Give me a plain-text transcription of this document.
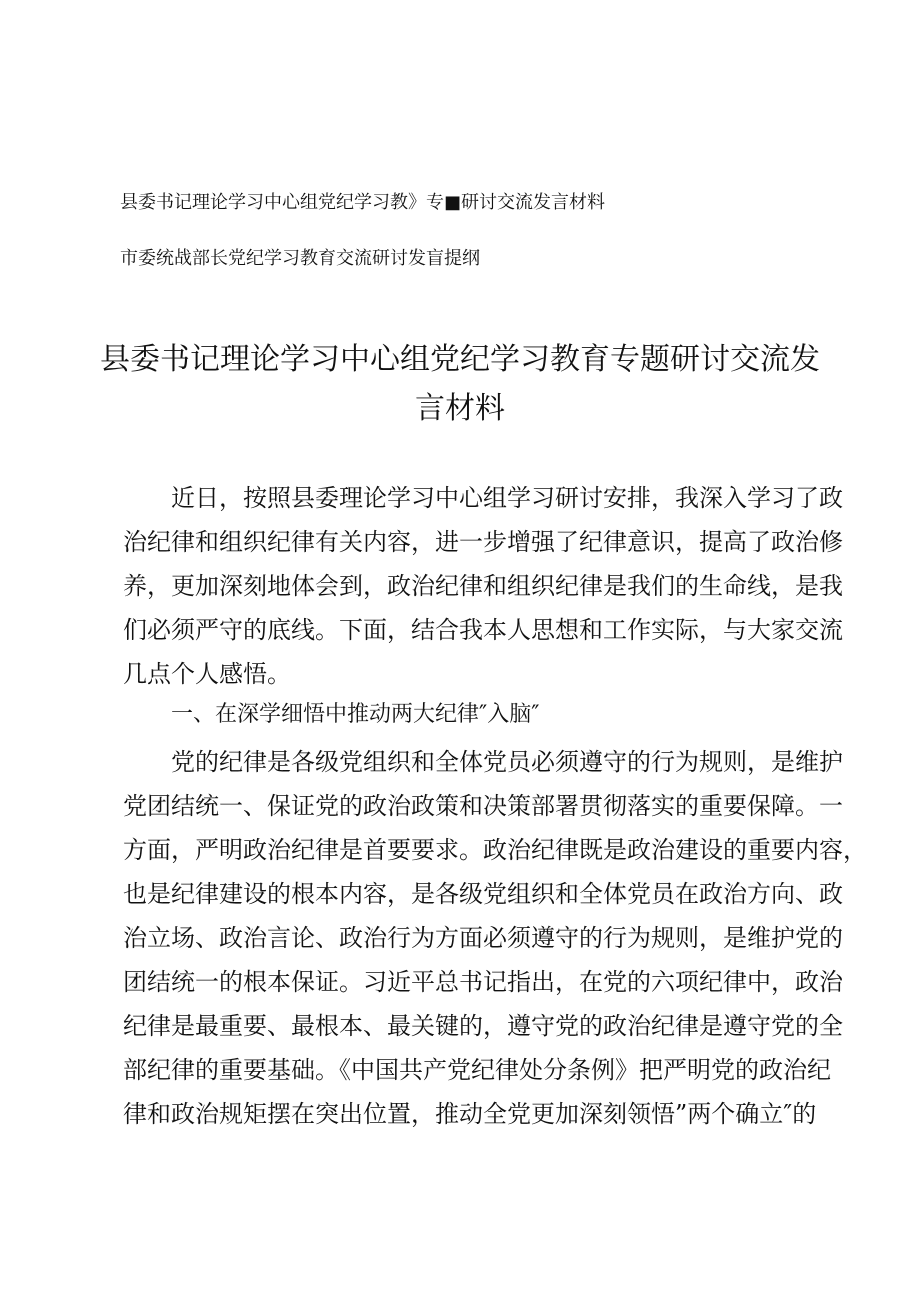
县委书记理论学习中心组党纪学习教》专■研讨交流发言材料
市委统战部长党纪学习教育交流研讨发盲提纲
县委书记理论学习中心组党纪学习教育专题研讨交流发
言材料
近日，按照县委理论学习中心组学习研讨安排，我深入学习了政
治纪律和组织纪律有关内容，进一步增强了纪律意识，提高了政治修
养，更加深刻地体会到，政治纪律和组织纪律是我们的生命线，是我
们必须严守的底线。下面，结合我本人思想和工作实际，与大家交流
几点个人感悟。
一、在深学细悟中推动两大纪律″入脑″
党的纪律是各级党组织和全体党员必须遵守的行为规则，是维护
党团结统一、保证党的政治政策和决策部署贯彻落实的重要保障。一
方面，严明政治纪律是首要要求。政治纪律既是政治建设的重要内容，
也是纪律建设的根本内容，是各级党组织和全体党员在政治方向、政
治立场、政治言论、政治行为方面必须遵守的行为规则，是维护党的
团结统一的根本保证。习近平总书记指出，在党的六项纪律中，政治
纪律是最重要、最根本、最关键的，遵守党的政治纪律是遵守党的全
部纪律的重要基础。《中国共产党纪律处分条例》把严明党的政治纪
律和政治规矩摆在突出位置，推动全党更加深刻领悟”两个确立″的
